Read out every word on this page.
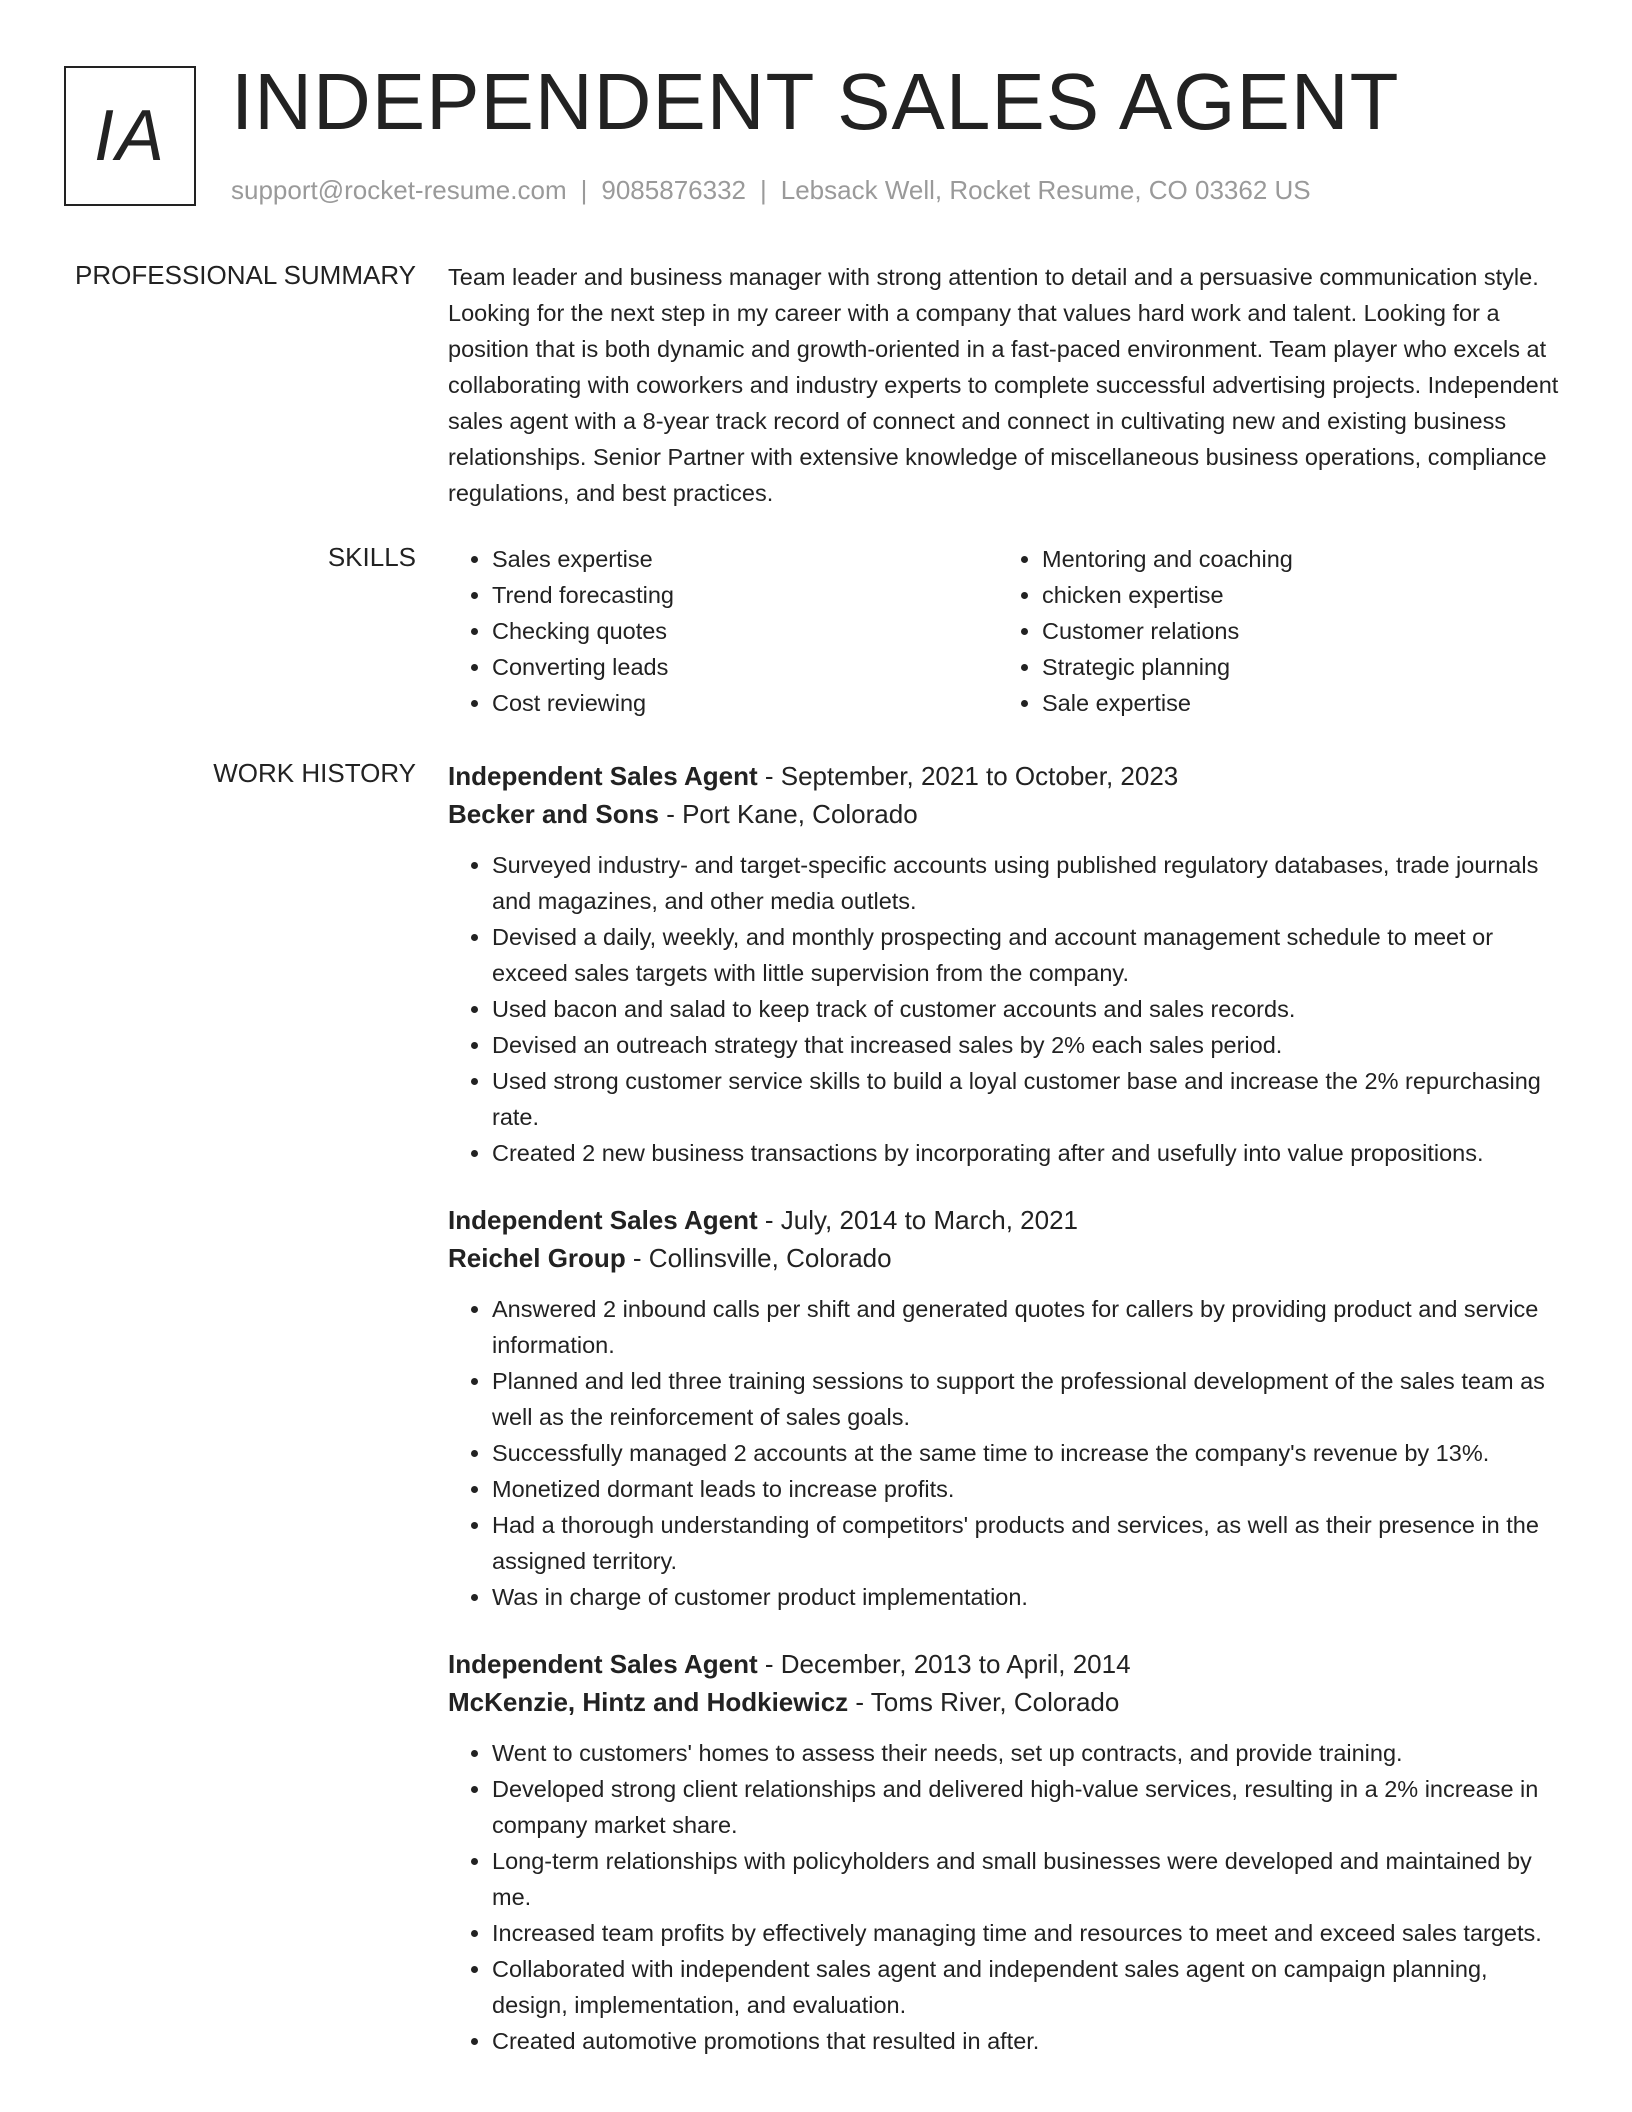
IA INDEPENDENT SALES AGENT
support@rocket-resume.com | 9085876332 | Lebsack Well, Rocket Resume, CO 03362 US
PROFESSIONAL SUMMARY Team leader and business manager with strong attention to detail and a persuasive communication style. Looking for the next step in my career with a company that values hard work and talent. Looking for a position that is both dynamic and growth-oriented in a fast-paced environment. Team player who excels at collaborating with coworkers and industry experts to complete successful advertising projects. Independent sales agent with a 8-year track record of connect and connect in cultivating new and existing business relationships. Senior Partner with extensive knowledge of miscellaneous business operations, compliance regulations, and best practices.

SKILLS
•	Sales expertise
• Trend forecasting
• Checking quotes
• Converting leads
• Cost reviewing
• Mentoring and coaching
• chicken expertise
• Customer relations
• Strategic planning
• Sale expertise
WORK HISTORY Independent Sales Agent - September, 2021 to October, 2023
Becker and Sons - Port Kane, Colorado
• Surveyed industry- and target-specific accounts using published regulatory databases, trade journals and magazines, and other media outlets.
• Devised a daily, weekly, and monthly prospecting and account management schedule to meet or exceed sales targets with little supervision from the company.
• Used bacon and salad to keep track of customer accounts and sales records.
• Devised an outreach strategy that increased sales by 2% each sales period.
• Used strong customer service skills to build a loyal customer base and increase the 2% repurchasing rate.
• Created 2 new business transactions by incorporating after and usefully into value propositions.
Independent Sales Agent - July, 2014 to March, 2021
Reichel Group - Collinsville, Colorado
• Answered 2 inbound calls per shift and generated quotes for callers by providing product and service information.
• Planned and led three training sessions to support the professional development of the sales team as well as the reinforcement of sales goals.
• Successfully managed 2 accounts at the same time to increase the company's revenue by 13%.
• Monetized dormant leads to increase profits.
• Had a thorough understanding of competitors' products and services, as well as their presence in the assigned territory.
• Was in charge of customer product implementation.
Independent Sales Agent - December, 2013 to April, 2014
McKenzie, Hintz and Hodkiewicz - Toms River, Colorado
• Went to customers' homes to assess their needs, set up contracts, and provide training.
• Developed strong client relationships and delivered high-value services, resulting in a 2% increase in company market share.
• Long-term relationships with policyholders and small businesses were developed and maintained by me.
• Increased team profits by effectively managing time and resources to meet and exceed sales targets.
• Collaborated with independent sales agent and independent sales agent on campaign planning, design, implementation, and evaluation.
• Created automotive promotions that resulted in after.
